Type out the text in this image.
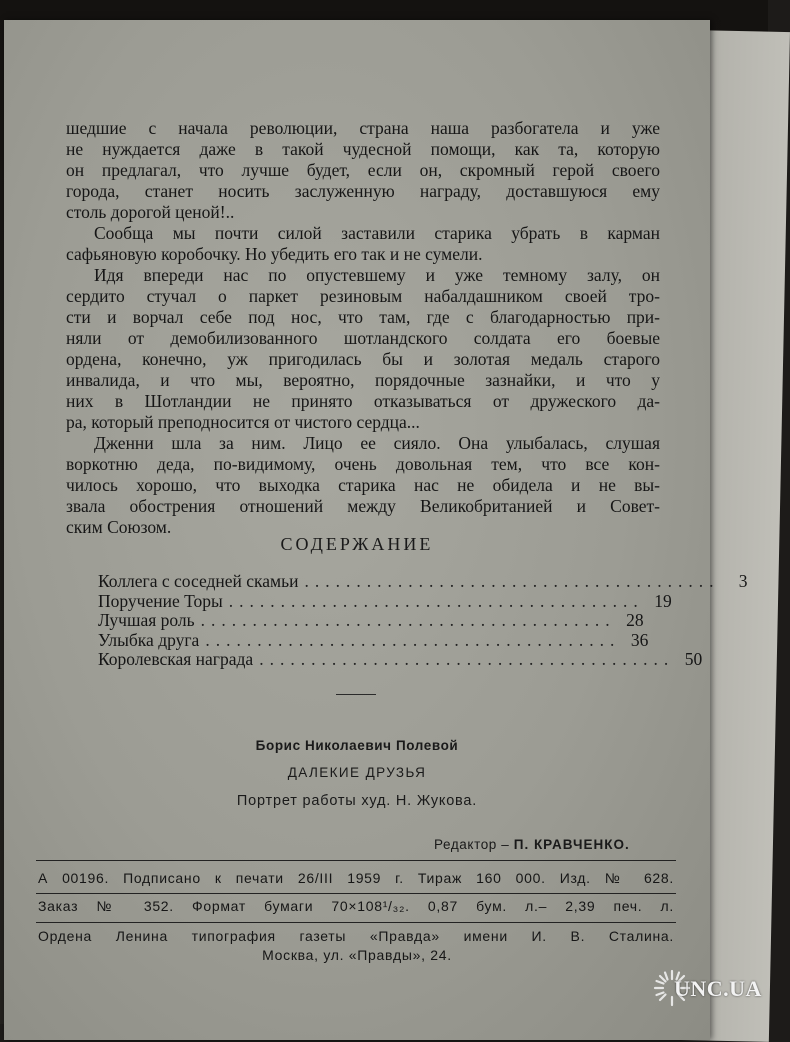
шедшие с начала революции, страна наша разбогатела и уже
не нуждается даже в такой чудесной помощи, как та, которую
он предлагал, что лучше будет, если он, скромный герой своего
города, станет носить заслуженную награду, доставшуюся ему
столь дорогой ценой!..
Сообща мы почти силой заставили старика убрать в карман
сафьяновую коробочку. Но убедить его так и не сумели.
Идя впереди нас по опустевшему и уже темному залу, он
сердито стучал о паркет резиновым набалдашником своей тро-
сти и ворчал себе под нос, что там, где с благодарностью при-
няли от демобилизованного шотландского солдата его боевые
ордена, конечно, уж пригодилась бы и золотая медаль старого
инвалида, и что мы, вероятно, порядочные зазнайки, и что у
них в Шотландии не принято отказываться от дружеского да-
ра, который преподносится от чистого сердца...
Дженни шла за ним. Лицо ее сияло. Она улыбалась, слушая
воркотню деда, по-видимому, очень довольная тем, что все кон-
чилось хорошо, что выходка старика нас не обидела и не вы-
звала обострения отношений между Великобританией и Совет-
ским Союзом.
СОДЕРЖАНИЕ
Коллега с соседней скамьи ........................................	3
Поручение Торы ........................................ 19
Лучшая роль ........................................ 28
Улыбка друга ........................................ 36
Королевская награда ........................................ 50
Борис Николаевич Полевой
ДАЛЕКИЕ ДРУЗЬЯ
Портрет работы худ. Н. Жукова.
Редактор – П. КРАВЧЕНКО.
А 00196. Подписано к печати 26/III 1959 г. Тираж 160 000. Изд. № 628.
Заказ № 352. Формат бумаги 70×108¹/₃₂. 0,87 бум. л.– 2,39 печ. л.
Ордена Ленина типография газеты «Правда» имени И. В. Сталина.
Москва, ул. «Правды», 24.
UNC.UA
